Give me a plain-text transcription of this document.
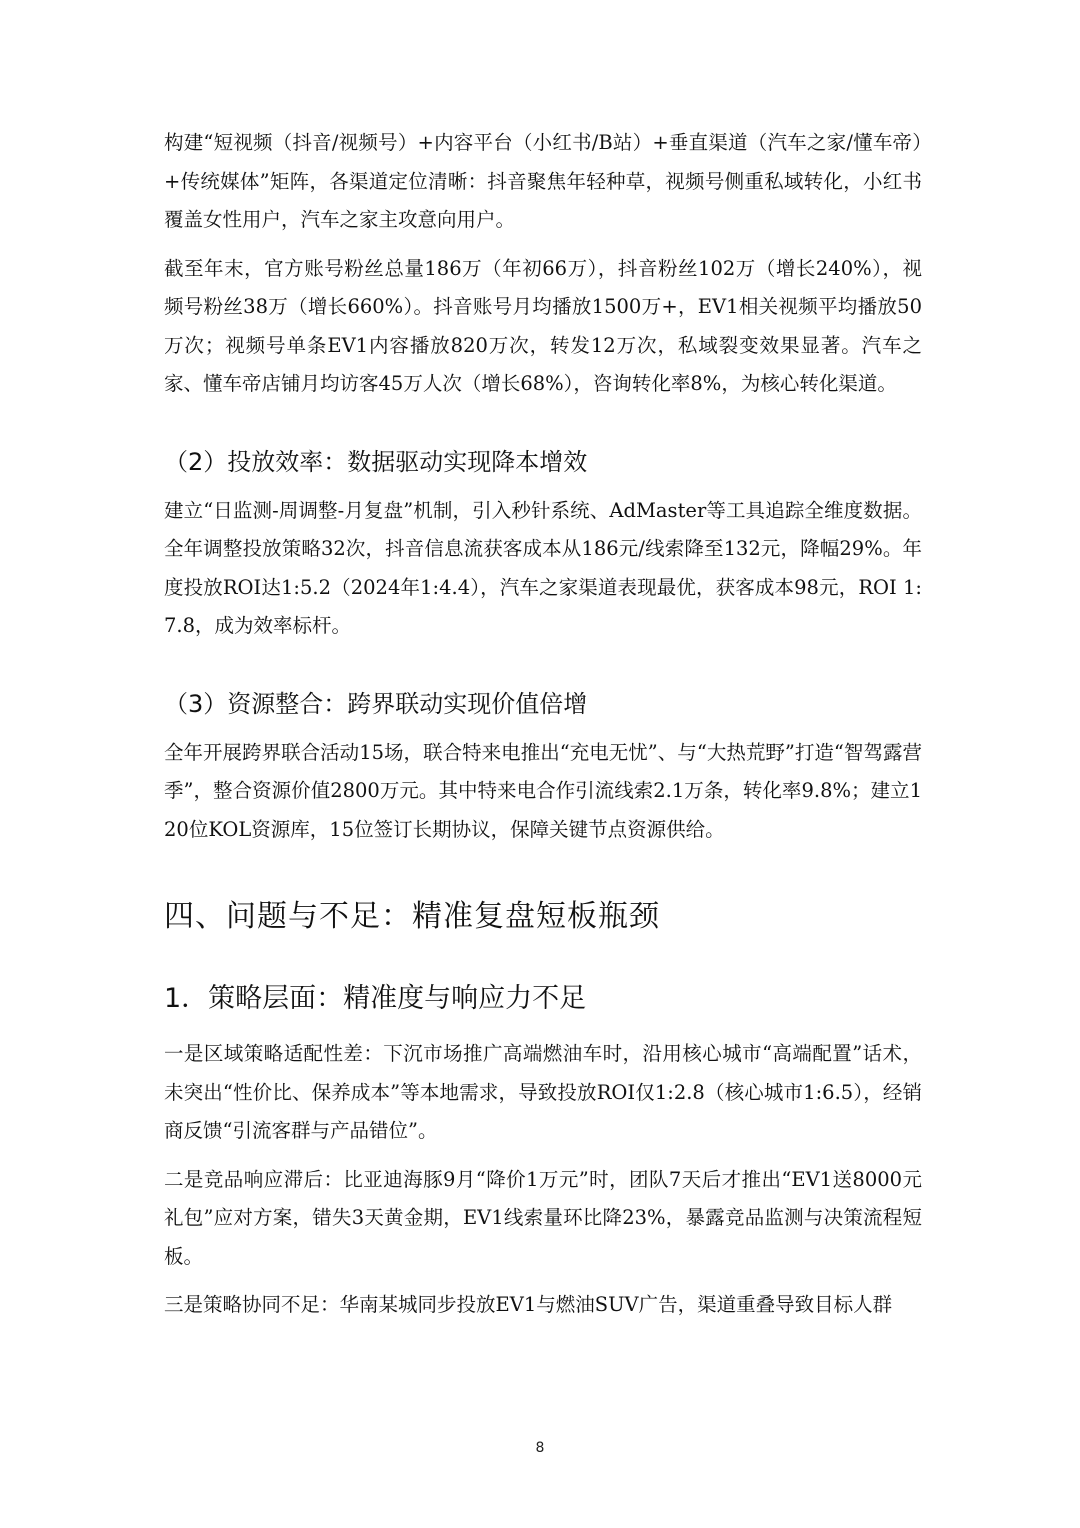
构建“短视频（抖音/视频号）+内容平台（小红书/B站）+垂直渠道（汽车之家/懂车帝）+传统媒体”矩阵，各渠道定位清晰：抖音聚焦年轻种草，视频号侧重私域转化，小红书覆盖女性用户，汽车之家主攻意向用户。

截至年末，官方账号粉丝总量186万（年初66万），抖音粉丝102万（增长240%），视频号粉丝38万（增长660%）。抖音账号月均播放1500万+，EV1相关视频平均播放50万次；视频号单条EV1内容播放820万次，转发12万次，私域裂变效果显著。汽车之家、懂车帝店铺月均访客45万人次（增长68%），咨询转化率8%，为核心转化渠道。

（2）投放效率：数据驱动实现降本增效

建立“日监测-周调整-月复盘”机制，引入秒针系统、AdMaster等工具追踪全维度数据。全年调整投放策略32次，抖音信息流获客成本从186元/线索降至132元，降幅29%。年度投放ROI达1:5.2（2024年1:4.4），汽车之家渠道表现最优，获客成本98元，ROI 1:7.8，成为效率标杆。

（3）资源整合：跨界联动实现价值倍增

全年开展跨界联合活动15场，联合特来电推出“充电无忧”、与“大热荒野”打造“智驾露营季”，整合资源价值2800万元。其中特来电合作引流线索2.1万条，转化率9.8%；建立120位KOL资源库，15位签订长期协议，保障关键节点资源供给。

四、问题与不足：精准复盘短板瓶颈
1．策略层面：精准度与响应力不足

一是区域策略适配性差：下沉市场推广高端燃油车时，沿用核心城市“高端配置”话术，未突出“性价比、保养成本”等本地需求，导致投放ROI仅1:2.8（核心城市1:6.5），经销商反馈“引流客群与产品错位”。

二是竞品响应滞后：比亚迪海豚9月“降价1万元”时，团队7天后才推出“EV1送8000元礼包”应对方案，错失3天黄金期，EV1线索量环比降23%，暴露竞品监测与决策流程短板。

三是策略协同不足：华南某城同步投放EV1与燃油SUV广告，渠道重叠导致目标人群

8
